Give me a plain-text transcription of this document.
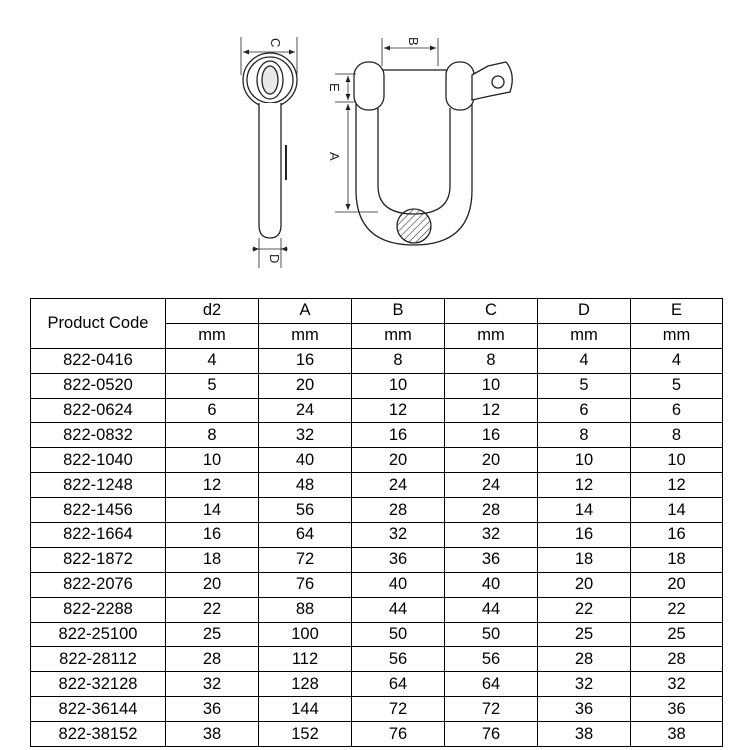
C
D
B
E
A
Product Code	d2	A	B	C	D	E
	mm	mm	mm	mm	mm	mm
822-0416	4	16	8	8	4	4
822-0520	5	20	10	10	5	5
822-0624	6	24	12	12	6	6
822-0832	8	32	16	16	8	8
822-1040	10	40	20	20	10	10
822-1248	12	48	24	24	12	12
822-1456	14	56	28	28	14	14
822-1664	16	64	32	32	16	16
822-1872	18	72	36	36	18	18
822-2076	20	76	40	40	20	20
822-2288	22	88	44	44	22	22
822-25100	25	100	50	50	25	25
822-28112	28	112	56	56	28	28
822-32128	32	128	64	64	32	32
822-36144	36	144	72	72	36	36
822-38152	38	152	76	76	38	38
